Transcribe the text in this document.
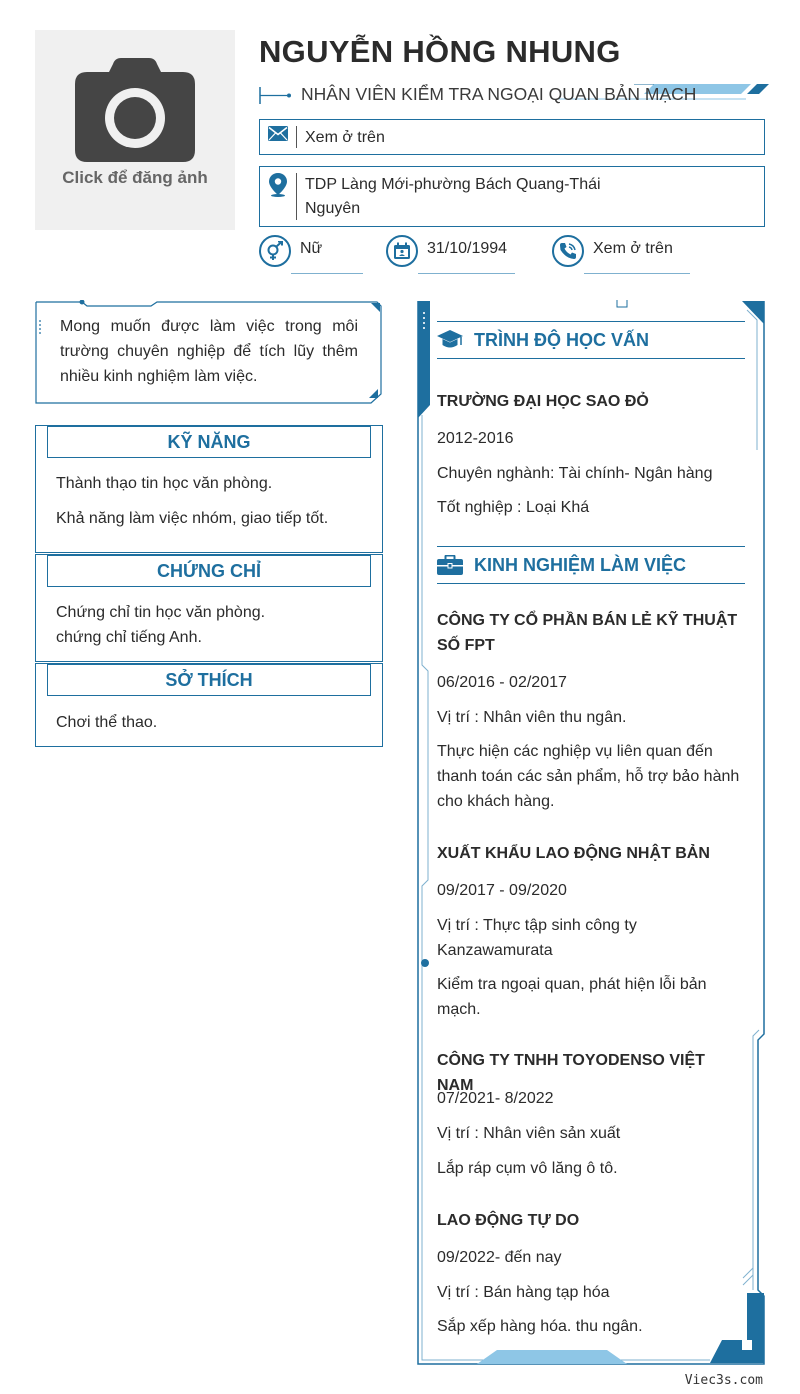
Click để đăng ảnh
NGUYỄN HỒNG NHUNG
NHÂN VIÊN KIỂM TRA NGOẠI QUAN BẢN MẠCH
Xem ở trên
TDP Làng Mới-phường Bách Quang-Thái Nguyên
Nữ	31/10/1994	Xem ở trên
Mong muốn được làm việc trong môi trường chuyên nghiệp để tích lũy thêm nhiều kinh nghiệm làm việc.
KỸ NĂNG
Thành thạo tin học văn phòng.
Khả năng làm việc nhóm, giao tiếp tốt.
CHỨNG CHỈ
Chứng chỉ tin học văn phòng.
chứng chỉ tiếng Anh.
SỞ THÍCH
Chơi thể thao.
TRÌNH ĐỘ HỌC VẤN
TRƯỜNG ĐẠI HỌC SAO ĐỎ
2012-2016
Chuyên nghành: Tài chính- Ngân hàng
Tốt nghiệp : Loại Khá
KINH NGHIỆM LÀM VIỆC
CÔNG TY CỔ PHẦN BÁN LẺ KỸ THUẬT SỐ FPT
06/2016 - 02/2017
Vị trí : Nhân viên thu ngân.
Thực hiện các nghiệp vụ liên quan đến thanh toán các sản phẩm, hỗ trợ bảo hành cho khách hàng.
XUẤT KHẨU LAO ĐỘNG NHẬT BẢN
09/2017 - 09/2020
Vị trí : Thực tập sinh công ty Kanzawamurata
Kiểm tra ngoại quan, phát hiện lỗi bản mạch.
CÔNG TY TNHH TOYODENSO VIỆT NAM
07/2021- 8/2022
Vị trí : Nhân viên sản xuất
Lắp ráp cụm vô lăng ô tô.
LAO ĐỘNG TỰ DO
09/2022- đến nay
Vị trí : Bán hàng tạp hóa
Sắp xếp hàng hóa. thu ngân.
Viec3s.com
